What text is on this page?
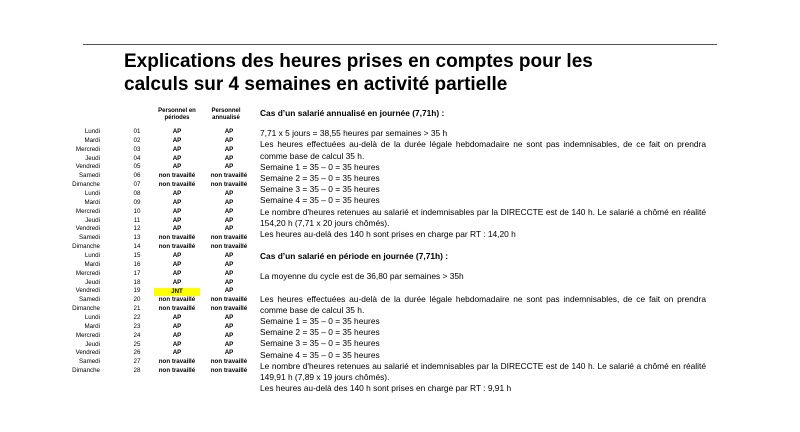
Explications des heures prises en comptes pour les
calculs sur 4 semaines en activité partielle
Personnel en périodes
Personnel annualisé
Lundi	01	AP	AP
Mardi	02	AP	AP
Mercredi	03	AP	AP
Jeudi	04	AP	AP
Vendredi	05	AP	AP
Samedi	06	non travaillé	non travaillé
Dimanche	07	non travaillé	non travaillé
Lundi	08	AP	AP
Mardi	09	AP	AP
Mercredi	10	AP	AP
Jeudi	11	AP	AP
Vendredi	12	AP	AP
Samedi	13	non travaillé	non travaillé
Dimanche	14	non travaillé	non travaillé
Lundi	15	AP	AP
Mardi	16	AP	AP
Mercredi	17	AP	AP
Jeudi	18	AP	AP
Vendredi	19	JNT	AP
Samedi	20	non travaillé	non travaillé
Dimanche	21	non travaillé	non travaillé
Lundi	22	AP	AP
Mardi	23	AP	AP
Mercredi	24	AP	AP
Jeudi	25	AP	AP
Vendredi	26	AP	AP
Samedi	27	non travaillé	non travaillé
Dimanche	28	non travaillé	non travaillé

Cas d’un salarié annualisé en journée (7,71h) :

7,71 x 5 jours = 38,55 heures par semaines > 35 h

Les heures effectuées au-delà de la durée légale hebdomadaire ne sont pas indemnisables, de ce fait on prendra comme base de calcul 35 h.

Semaine 1 = 35 – 0 = 35 heures

Semaine 2 = 35 – 0 = 35 heures

Semaine 3 = 35 – 0 = 35 heures

Semaine 4 = 35 – 0 = 35 heures

Le nombre d'heures retenues au salarié et indemnisables par la DIRECCTE est de 140 h. Le salarié a chômé en réalité 154,20 h (7,71 x 20 jours chômés).

Les heures au-delà des 140 h sont prises en charge par RT : 14,20 h

Cas d’un salarié en période en journée (7,71h) :

La moyenne du cycle est de 36,80 par semaines > 35h

Les heures effectuées au-delà de la durée légale hebdomadaire ne sont pas indemnisables, de ce fait on prendra comme base de calcul 35 h.

Semaine 1 = 35 – 0 = 35 heures

Semaine 2 = 35 – 0 = 35 heures

Semaine 3 = 35 – 0 = 35 heures

Semaine 4 = 35 – 0 = 35 heures

Le nombre d'heures retenues au salarié et indemnisables par la DIRECCTE est de 140 h. Le salarié a chômé en réalité 149,91 h (7,89 x 19 jours chômés).

Les heures au-delà des 140 h sont prises en charge par RT : 9,91 h
